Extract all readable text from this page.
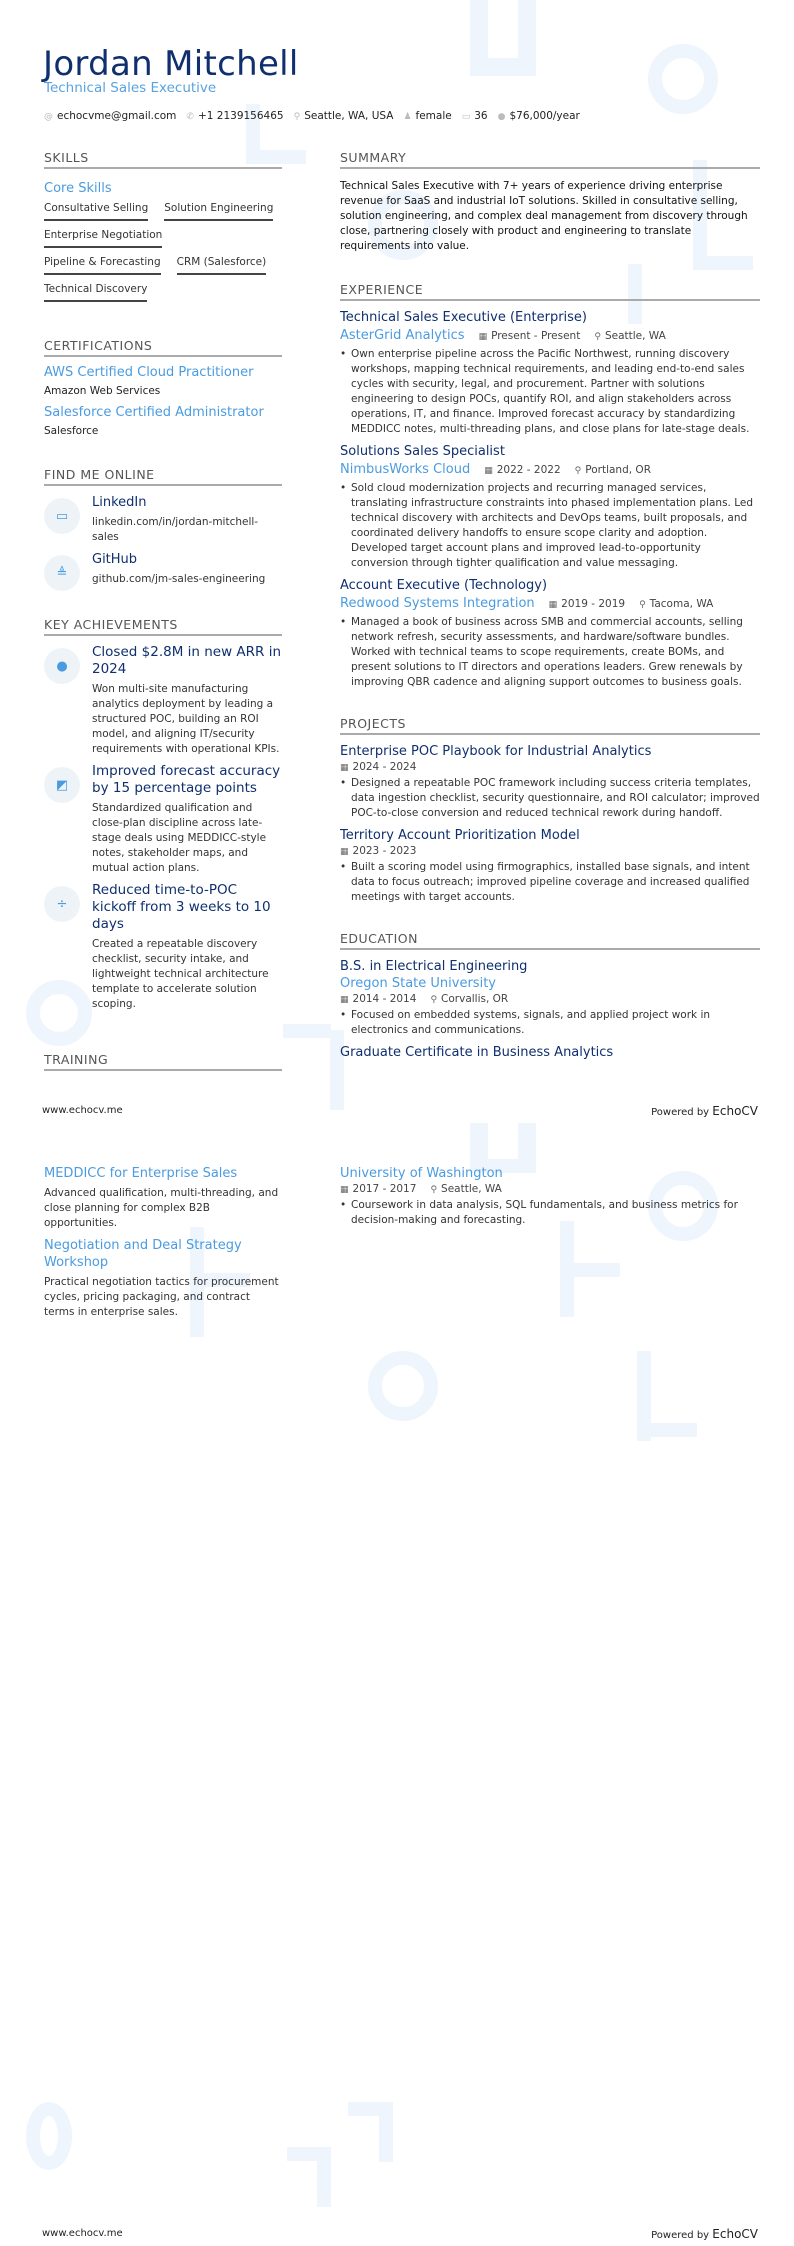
Jordan Mitchell
Technical Sales Executive
@ echocvme@gmail.com ✆ +1 2139156465 ⚲ Seattle, WA, USA ♟ female ▭ 36 ● $76,000/year
SKILLS
Core Skills
Consultative Selling Solution Engineering
Enterprise Negotiation
Pipeline & Forecasting CRM (Salesforce)
Technical Discovery
CERTIFICATIONS
AWS Certified Cloud Practitioner
Amazon Web Services
Salesforce Certified Administrator
Salesforce
FIND ME ONLINE
▭
LinkedIn
linkedin.com/in/jordan-mitchell-sales
≜
GitHub
github.com/jm-sales-engineering
KEY ACHIEVEMENTS
●
Closed $2.8M in new ARR in 2024
Won multi-site manufacturing analytics deployment by leading a structured POC, building an ROI model, and aligning IT/security requirements with operational KPIs.
◩
Improved forecast accuracy by 15 percentage points
Standardized qualification and close-plan discipline across late-stage deals using MEDDICC-style notes, stakeholder maps, and mutual action plans.
÷
Reduced time-to-POC kickoff from 3 weeks to 10 days
Created a repeatable discovery checklist, security intake, and lightweight technical architecture template to accelerate solution scoping.
TRAINING
SUMMARY
Technical Sales Executive with 7+ years of experience driving enterprise revenue for SaaS and industrial IoT solutions. Skilled in consultative selling, solution engineering, and complex deal management from discovery through close, partnering closely with product and engineering to translate requirements into value.
EXPERIENCE
Technical Sales Executive (Enterprise)
AsterGrid Analytics ▦ Present - Present ⚲ Seattle, WA
• Own enterprise pipeline across the Pacific Northwest, running discovery workshops, mapping technical requirements, and leading end-to-end sales cycles with security, legal, and procurement. Partner with solutions engineering to design POCs, quantify ROI, and align stakeholders across operations, IT, and finance. Improved forecast accuracy by standardizing MEDDICC notes, multi-threading plans, and close plans for late-stage deals.
Solutions Sales Specialist
NimbusWorks Cloud ▦ 2022 - 2022 ⚲ Portland, OR
• Sold cloud modernization projects and recurring managed services, translating infrastructure constraints into phased implementation plans. Led technical discovery with architects and DevOps teams, built proposals, and coordinated delivery handoffs to ensure scope clarity and adoption. Developed target account plans and improved lead-to-opportunity conversion through tighter qualification and value messaging.
Account Executive (Technology)
Redwood Systems Integration ▦ 2019 - 2019 ⚲ Tacoma, WA
• Managed a book of business across SMB and commercial accounts, selling network refresh, security assessments, and hardware/software bundles. Worked with technical teams to scope requirements, create BOMs, and present solutions to IT directors and operations leaders. Grew renewals by improving QBR cadence and aligning support outcomes to business goals.
PROJECTS
Enterprise POC Playbook for Industrial Analytics
▦ 2024 - 2024
• Designed a repeatable POC framework including success criteria templates, data ingestion checklist, security questionnaire, and ROI calculator; improved POC-to-close conversion and reduced technical rework during handoff.
Territory Account Prioritization Model
▦ 2023 - 2023
• Built a scoring model using firmographics, installed base signals, and intent data to focus outreach; improved pipeline coverage and increased qualified meetings with target accounts.
EDUCATION
B.S. in Electrical Engineering
Oregon State University
▦ 2014 - 2014 ⚲ Corvallis, OR
• Focused on embedded systems, signals, and applied project work in electronics and communications.
Graduate Certificate in Business Analytics
www.echocv.me	Powered by EchoCV
MEDDICC for Enterprise Sales
Advanced qualification, multi-threading, and close planning for complex B2B opportunities.
Negotiation and Deal Strategy Workshop
Practical negotiation tactics for procurement cycles, pricing packaging, and contract terms in enterprise sales.
University of Washington
▦ 2017 - 2017 ⚲ Seattle, WA
• Coursework in data analysis, SQL fundamentals, and business metrics for decision-making and forecasting.
www.echocv.me	Powered by EchoCV
